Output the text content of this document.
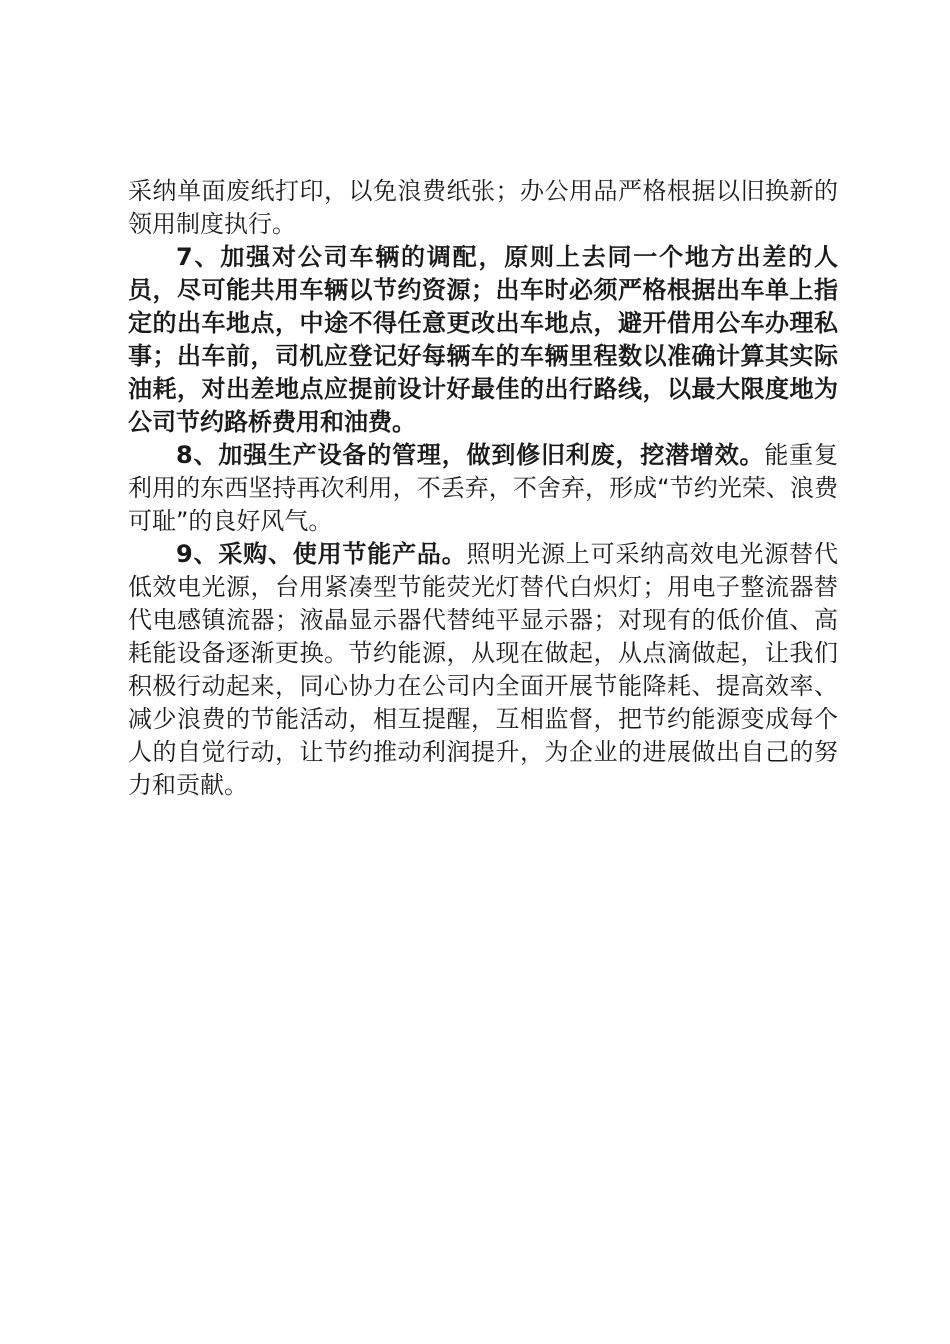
采纳单面废纸打印，以免浪费纸张；办公用品严格根据以旧换新的领用制度执行。

7、加强对公司车辆的调配，原则上去同一个地方出差的人员，尽可能共用车辆以节约资源；出车时必须严格根据出车单上指定的出车地点，中途不得任意更改出车地点，避开借用公车办理私事；出车前，司机应登记好每辆车的车辆里程数以准确计算其实际油耗，对出差地点应提前设计好最佳的出行路线，以最大限度地为公司节约路桥费用和油费。

8、加强生产设备的管理，做到修旧利废，挖潜增效。能重复利用的东西坚持再次利用，不丢弃，不舍弃，形成“节约光荣、浪费可耻”的良好风气。

9、采购、使用节能产品。照明光源上可采纳高效电光源替代低效电光源，台用紧凑型节能荧光灯替代白炽灯；用电子整流器替代电感镇流器；液晶显示器代替纯平显示器；对现有的低价值、高耗能设备逐渐更换。节约能源，从现在做起，从点滴做起，让我们积极行动起来，同心协力在公司内全面开展节能降耗、提高效率、减少浪费的节能活动，相互提醒，互相监督，把节约能源变成每个人的自觉行动，让节约推动利润提升，为企业的进展做出自己的努力和贡献。
